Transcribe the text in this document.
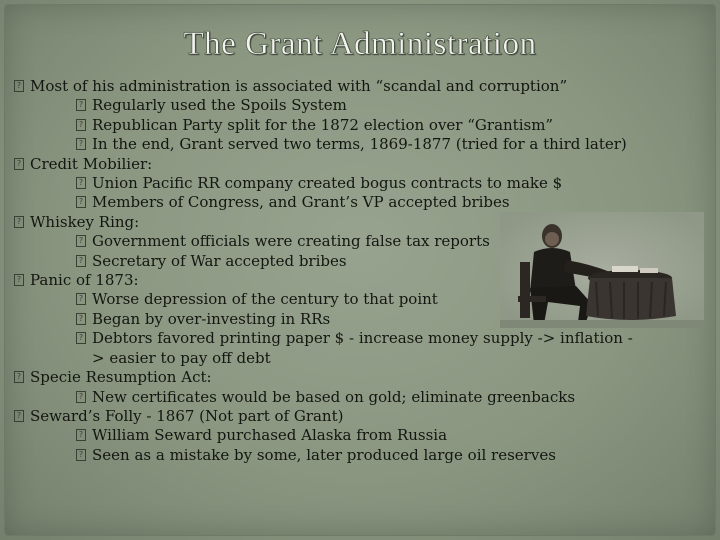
The Grant Administration
? Most of his administration is associated with “scandal and corruption”
? Regularly used the Spoils System
? Republican Party split for the 1872 election over “Grantism”
? In the end, Grant served two terms, 1869-1877 (tried for a third later)
? Credit Mobilier:
? Union Pacific RR company created bogus contracts to make $
? Members of Congress, and Grant’s VP accepted bribes
? Whiskey Ring:
? Government officials were creating false tax reports
? Secretary of War accepted bribes
? Panic of 1873:
? Worse depression of the century to that point
? Began by over-investing in RRs
? Debtors favored printing paper $ - increase money supply -> inflation -> easier to pay off debt
? Specie Resumption Act:
? New certificates would be based on gold; eliminate greenbacks
? Seward’s Folly - 1867 (Not part of Grant)
? William Seward purchased Alaska from Russia
? Seen as a mistake by some, later produced large oil reserves
